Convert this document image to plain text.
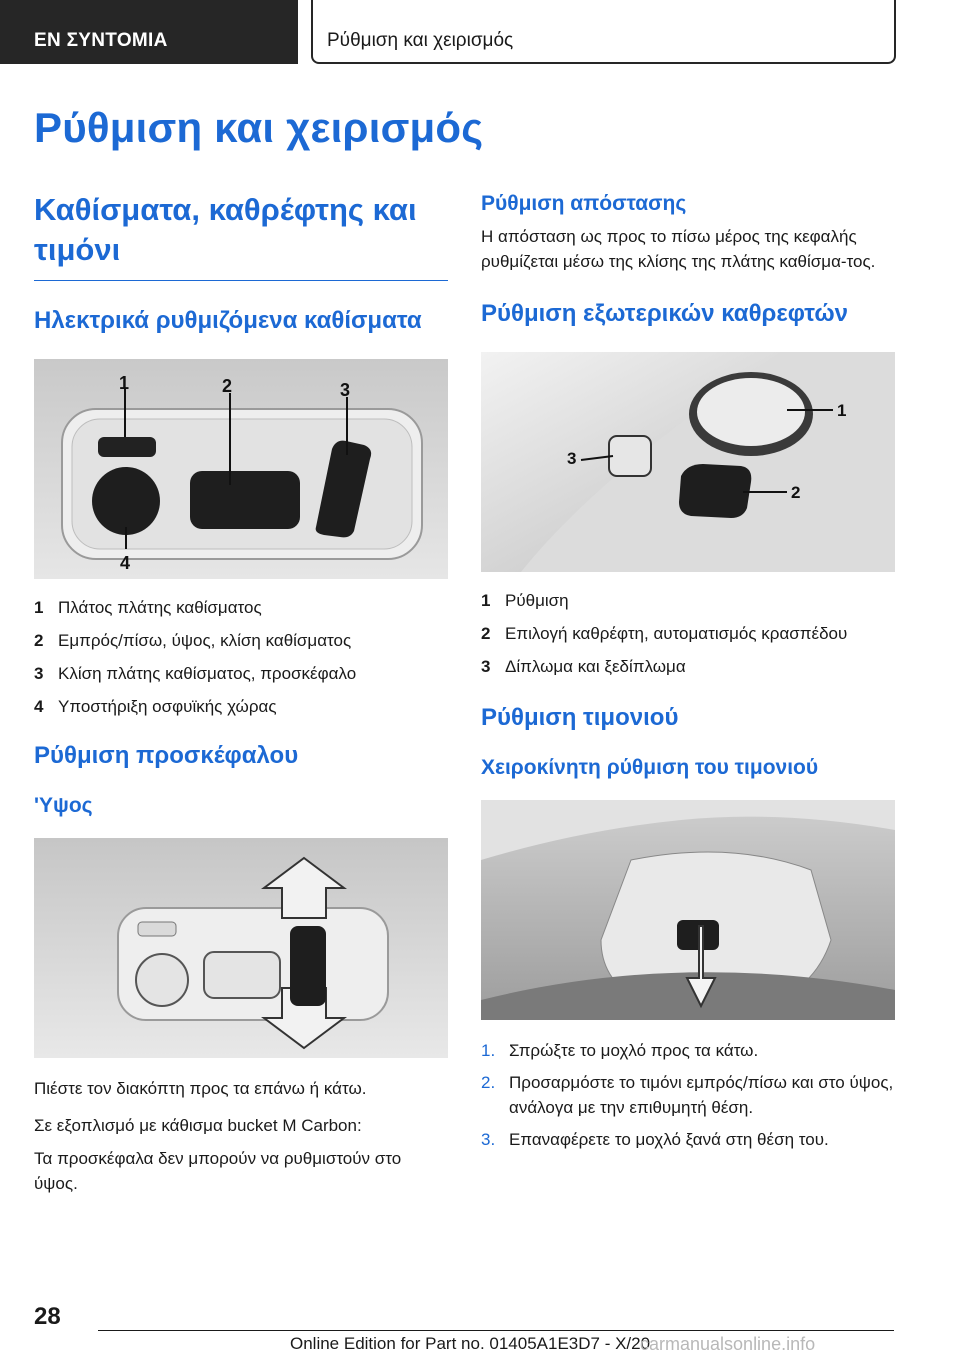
ΕΝ ΣΥΝΤΟΜΙΑ	Ρύθμιση και χειρισμός
Ρύθμιση και χειρισμός
Καθίσματα, καθρέφτης και τιμόνι
Ηλεκτρικά ρυθμιζόμενα καθίσματα
1	2	3
4
1 Πλάτος πλάτης καθίσματος
2 Εμπρός/πίσω, ύψος, κλίση καθίσματος
3 Κλίση πλάτης καθίσματος, προσκέφαλο
4 Υποστήριξη οσφυϊκής χώρας
Ρύθμιση προσκέφαλου
'Υψος
Πιέστε τον διακόπτη προς τα επάνω ή κάτω.
Σε εξοπλισμό με κάθισμα bucket M Carbon:
Τα προσκέφαλα δεν μπορούν να ρυθμιστούν στο ύψος.
Ρύθμιση απόστασης
Η απόσταση ως προς το πίσω μέρος της κεφαλής ρυθμίζεται μέσω της κλίσης της πλάτης καθίσμα-τος.
Ρύθμιση εξωτερικών καθρεφτών
1
2
3
1 Ρύθμιση
2 Επιλογή καθρέφτη, αυτοματισμός κρασπέδου
3 Δίπλωμα και ξεδίπλωμα
Ρύθμιση τιμονιού
Χειροκίνητη ρύθμιση του τιμονιού
1. Σπρώξτε το μοχλό προς τα κάτω.
2. Προσαρμόστε το τιμόνι εμπρός/πίσω και στο ύψος, ανάλογα με την επιθυμητή θέση.
3. Επαναφέρετε το μοχλό ξανά στη θέση του.
28
Online Edition for Part no. 01405A1E3D7 - X/20
carmanualsonline.info
